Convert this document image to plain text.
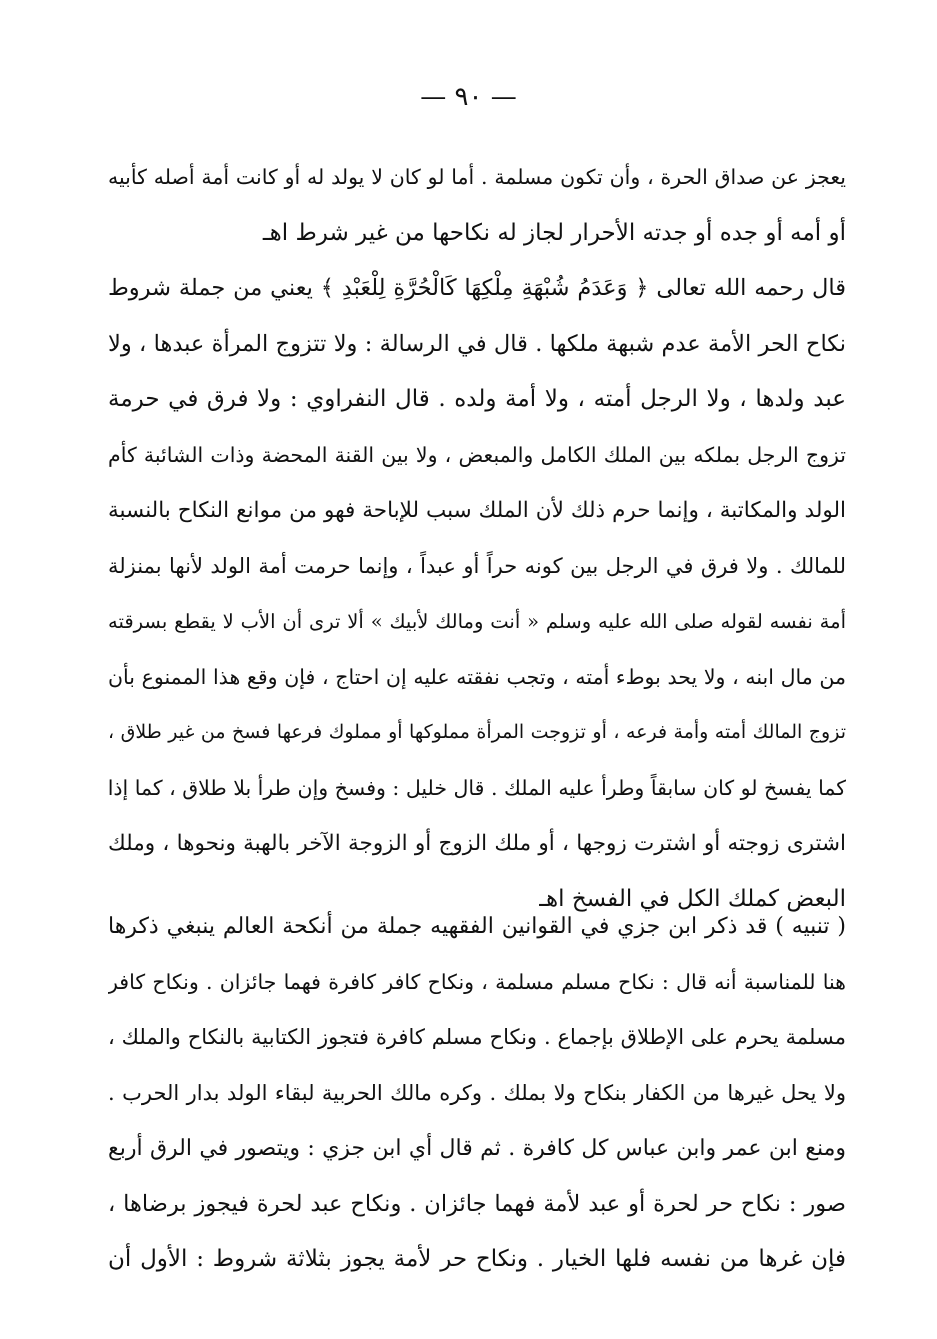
— ٩٠ —
يعجز عن صداق الحرة ، وأن تكون مسلمة . أما لو كان لا يولد له أو كانت أمة أصله كأبيه
أو أمه أو جده أو جدته الأحرار لجاز له نكاحها من غير شرط اهـ
قال رحمه الله تعالى ﴿ وَعَدَمُ شُبْهَةِ مِلْكِهَا كَالْحُرَّةِ لِلْعَبْدِ ﴾ يعني من جملة شروط
نكاح الحر الأمة عدم شبهة ملكها . قال في الرسالة : ولا تتزوج المرأة عبدها ، ولا
عبد ولدها ، ولا الرجل أمته ، ولا أمة ولده . قال النفراوي : ولا فرق في حرمة
تزوج الرجل بملكه بين الملك الكامل والمبعض ، ولا بين القنة المحضة وذات الشائبة كأم
الولد والمكاتبة ، وإنما حرم ذلك لأن الملك سبب للإباحة فهو من موانع النكاح بالنسبة
للمالك . ولا فرق في الرجل بين كونه حراً أو عبداً ، وإنما حرمت أمة الولد لأنها بمنزلة
أمة نفسه لقوله صلى الله عليه وسلم « أنت ومالك لأبيك » ألا ترى أن الأب لا يقطع بسرقته
من مال ابنه ، ولا يحد بوطء أمته ، وتجب نفقته عليه إن احتاج ، فإن وقع هذا الممنوع بأن
تزوج المالك أمته وأمة فرعه ، أو تزوجت المرأة مملوكها أو مملوك فرعها فسخ من غير طلاق ،
كما يفسخ لو كان سابقاً وطرأ عليه الملك . قال خليل : وفسخ وإن طرأ بلا طلاق ، كما إذا
اشترى زوجته أو اشترت زوجها ، أو ملك الزوج أو الزوجة الآخر بالهبة ونحوها ، وملك
البعض كملك الكل في الفسخ اهـ
( تنبيه ) قد ذكر ابن جزي في القوانين الفقهيه جملة من أنكحة العالم ينبغي ذكرها
هنا للمناسبة أنه قال : نكاح مسلم مسلمة ، ونكاح كافر كافرة فهما جائزان . ونكاح كافر
مسلمة يحرم على الإطلاق بإجماع . ونكاح مسلم كافرة فتجوز الكتابية بالنكاح والملك ،
ولا يحل غيرها من الكفار بنكاح ولا بملك . وكره مالك الحربية لبقاء الولد بدار الحرب .
ومنع ابن عمر وابن عباس كل كافرة . ثم قال أي ابن جزي : ويتصور في الرق أربع
صور : نكاح حر لحرة أو عبد لأمة فهما جائزان . ونكاح عبد لحرة فيجوز برضاها ،
فإن غرها من نفسه فلها الخيار . ونكاح حر لأمة يجوز بثلاثة شروط : الأول أن
